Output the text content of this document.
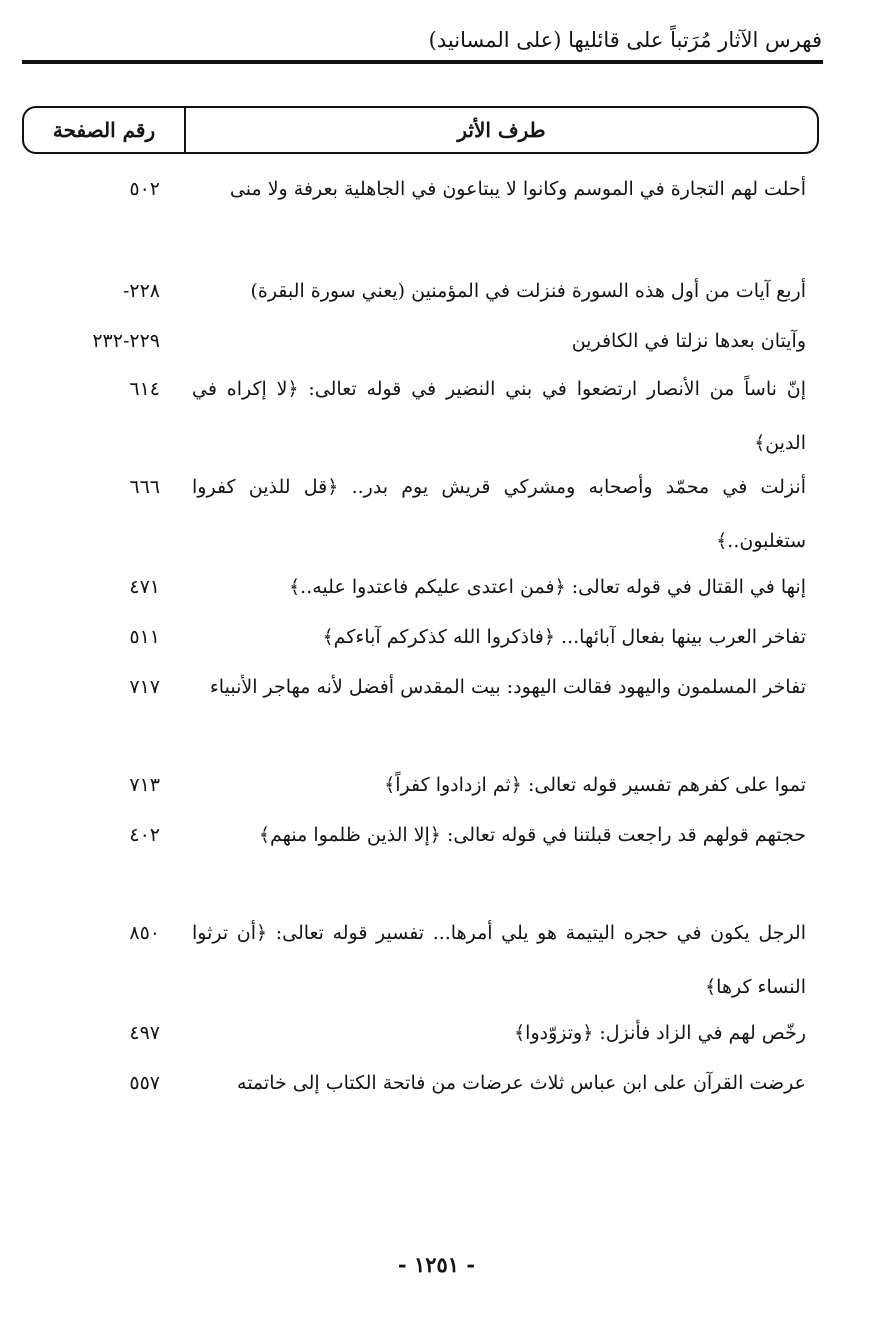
فهرس الآثار مُرَتباً على قائليها (على المسانيد)
رقم الصفحة	طرف الأثر
أحلت لهم التجارة في الموسم وكانوا لا يبتاعون في الجاهلية بعرفة ولا منى
٥٠٢
أربع آيات من أول هذه السورة فنزلت في المؤمنين (يعني سورة البقرة)
٢٢٨-
وآيتان بعدها نزلتا في الكافرين
٢٢٩-٢٣٢
إنّ ناساً من الأنصار ارتضعوا في بني النضير في قوله تعالى: ﴿لا إكراه في الدين﴾
٦١٤
أنزلت في محمّد وأصحابه ومشركي قريش يوم بدر.. ﴿قل للذين كفروا ستغلبون..﴾
٦٦٦
إنها في القتال في قوله تعالى: ﴿فمن اعتدى عليكم فاعتدوا عليه..﴾
٤٧١
تفاخر العرب بينها بفعال آبائها... ﴿فاذكروا الله كذكركم آباءكم﴾
٥١١
تفاخر المسلمون واليهود فقالت اليهود: بيت المقدس أفضل لأنه مهاجر الأنبياء
٧١٧
تموا على كفرهم تفسير قوله تعالى: ﴿ثم ازدادوا كفراً﴾
٧١٣
حجتهم قولهم قد راجعت قبلتنا في قوله تعالى: ﴿إلا الذين ظلموا منهم﴾
٤٠٢
الرجل يكون في حجره اليتيمة هو يلي أمرها... تفسير قوله تعالى: ﴿أن ترثوا النساء كرها﴾
٨٥٠
رخّص لهم في الزاد فأنزل: ﴿وتزوّدوا﴾
٤٩٧
عرضت القرآن على ابن عباس ثلاث عرضات من فاتحة الكتاب إلى خاتمته
٥٥٧
- ١٢٥١ -
